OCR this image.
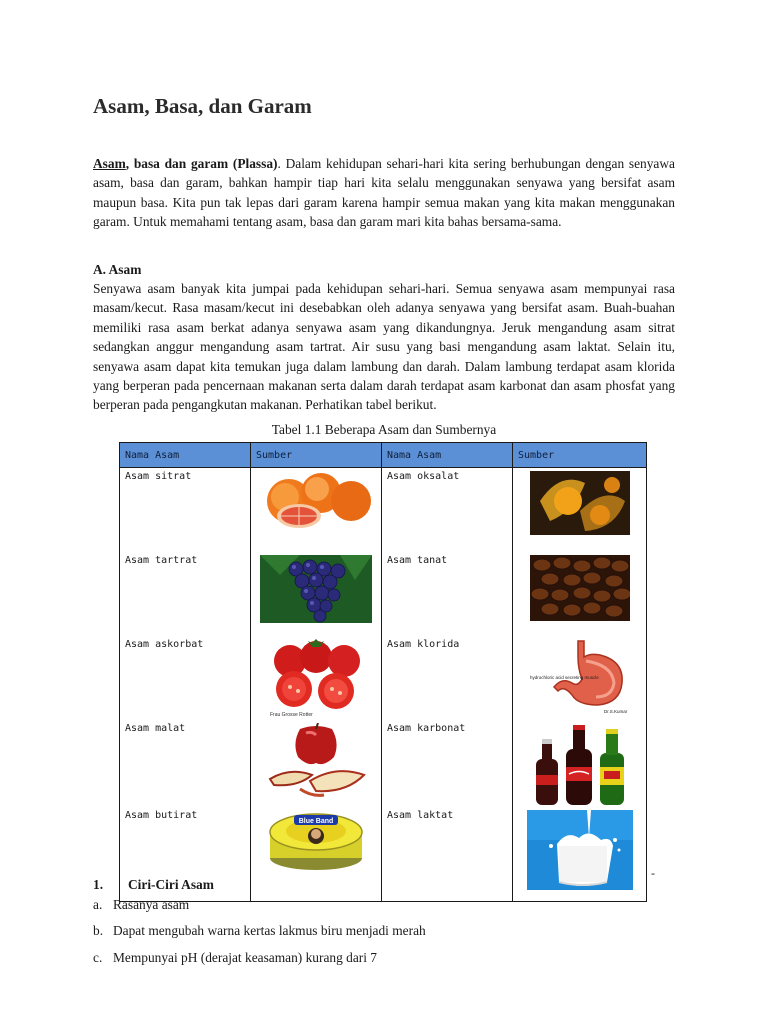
Asam, Basa, dan Garam

Asam, basa dan garam (Plassa). Dalam kehidupan sehari-hari kita sering berhubungan dengan senyawa asam, basa dan garam, bahkan hampir tiap hari kita selalu menggunakan senyawa yang bersifat asam maupun basa. Kita pun tak lepas dari garam karena hampir semua makan yang kita makan menggunakan garam. Untuk memahami tentang asam, basa dan garam mari kita bahas bersama-sama.

A. Asam

Senyawa asam banyak kita jumpai pada kehidupan sehari-hari. Semua senyawa asam mempunyai rasa masam/kecut. Rasa masam/kecut ini desebabkan oleh adanya senyawa yang bersifat asam. Buah-buahan memiliki rasa asam berkat adanya senyawa asam yang dikandungnya. Jeruk mengandung asam sitrat sedangkan anggur mengandung asam tartrat. Air susu yang basi mengandung asam laktat. Selain itu, senyawa asam dapat kita temukan juga dalam lambung dan darah. Dalam lambung terdapat asam klorida yang berperan pada pencernaan makanan serta dalam darah terdapat asam karbonat dan asam phosfat yang berperan pada pengangkutan makanan. Perhatikan tabel berikut.

Tabel 1.1 Beberapa Asam dan Sumbernya
Nama Asam	Sumber	Nama Asam	Sumber
Asam sitrat		Asam oksalat	

Asam tartrat		Asam tanat	

Asam askorbat	Frau Grosse Rotter	Asam klorida	hydrochloric acid secreting muscle
Dr.S.Kumar

Asam malat		Asam karbonat	

Asam butirat	Blue Band	Asam laktat	
-
1. Ciri-Ciri Asam

a. Rasanya asam

b. Dapat mengubah warna kertas lakmus biru menjadi merah

c. Mempunyai pH (derajat keasaman) kurang dari 7
